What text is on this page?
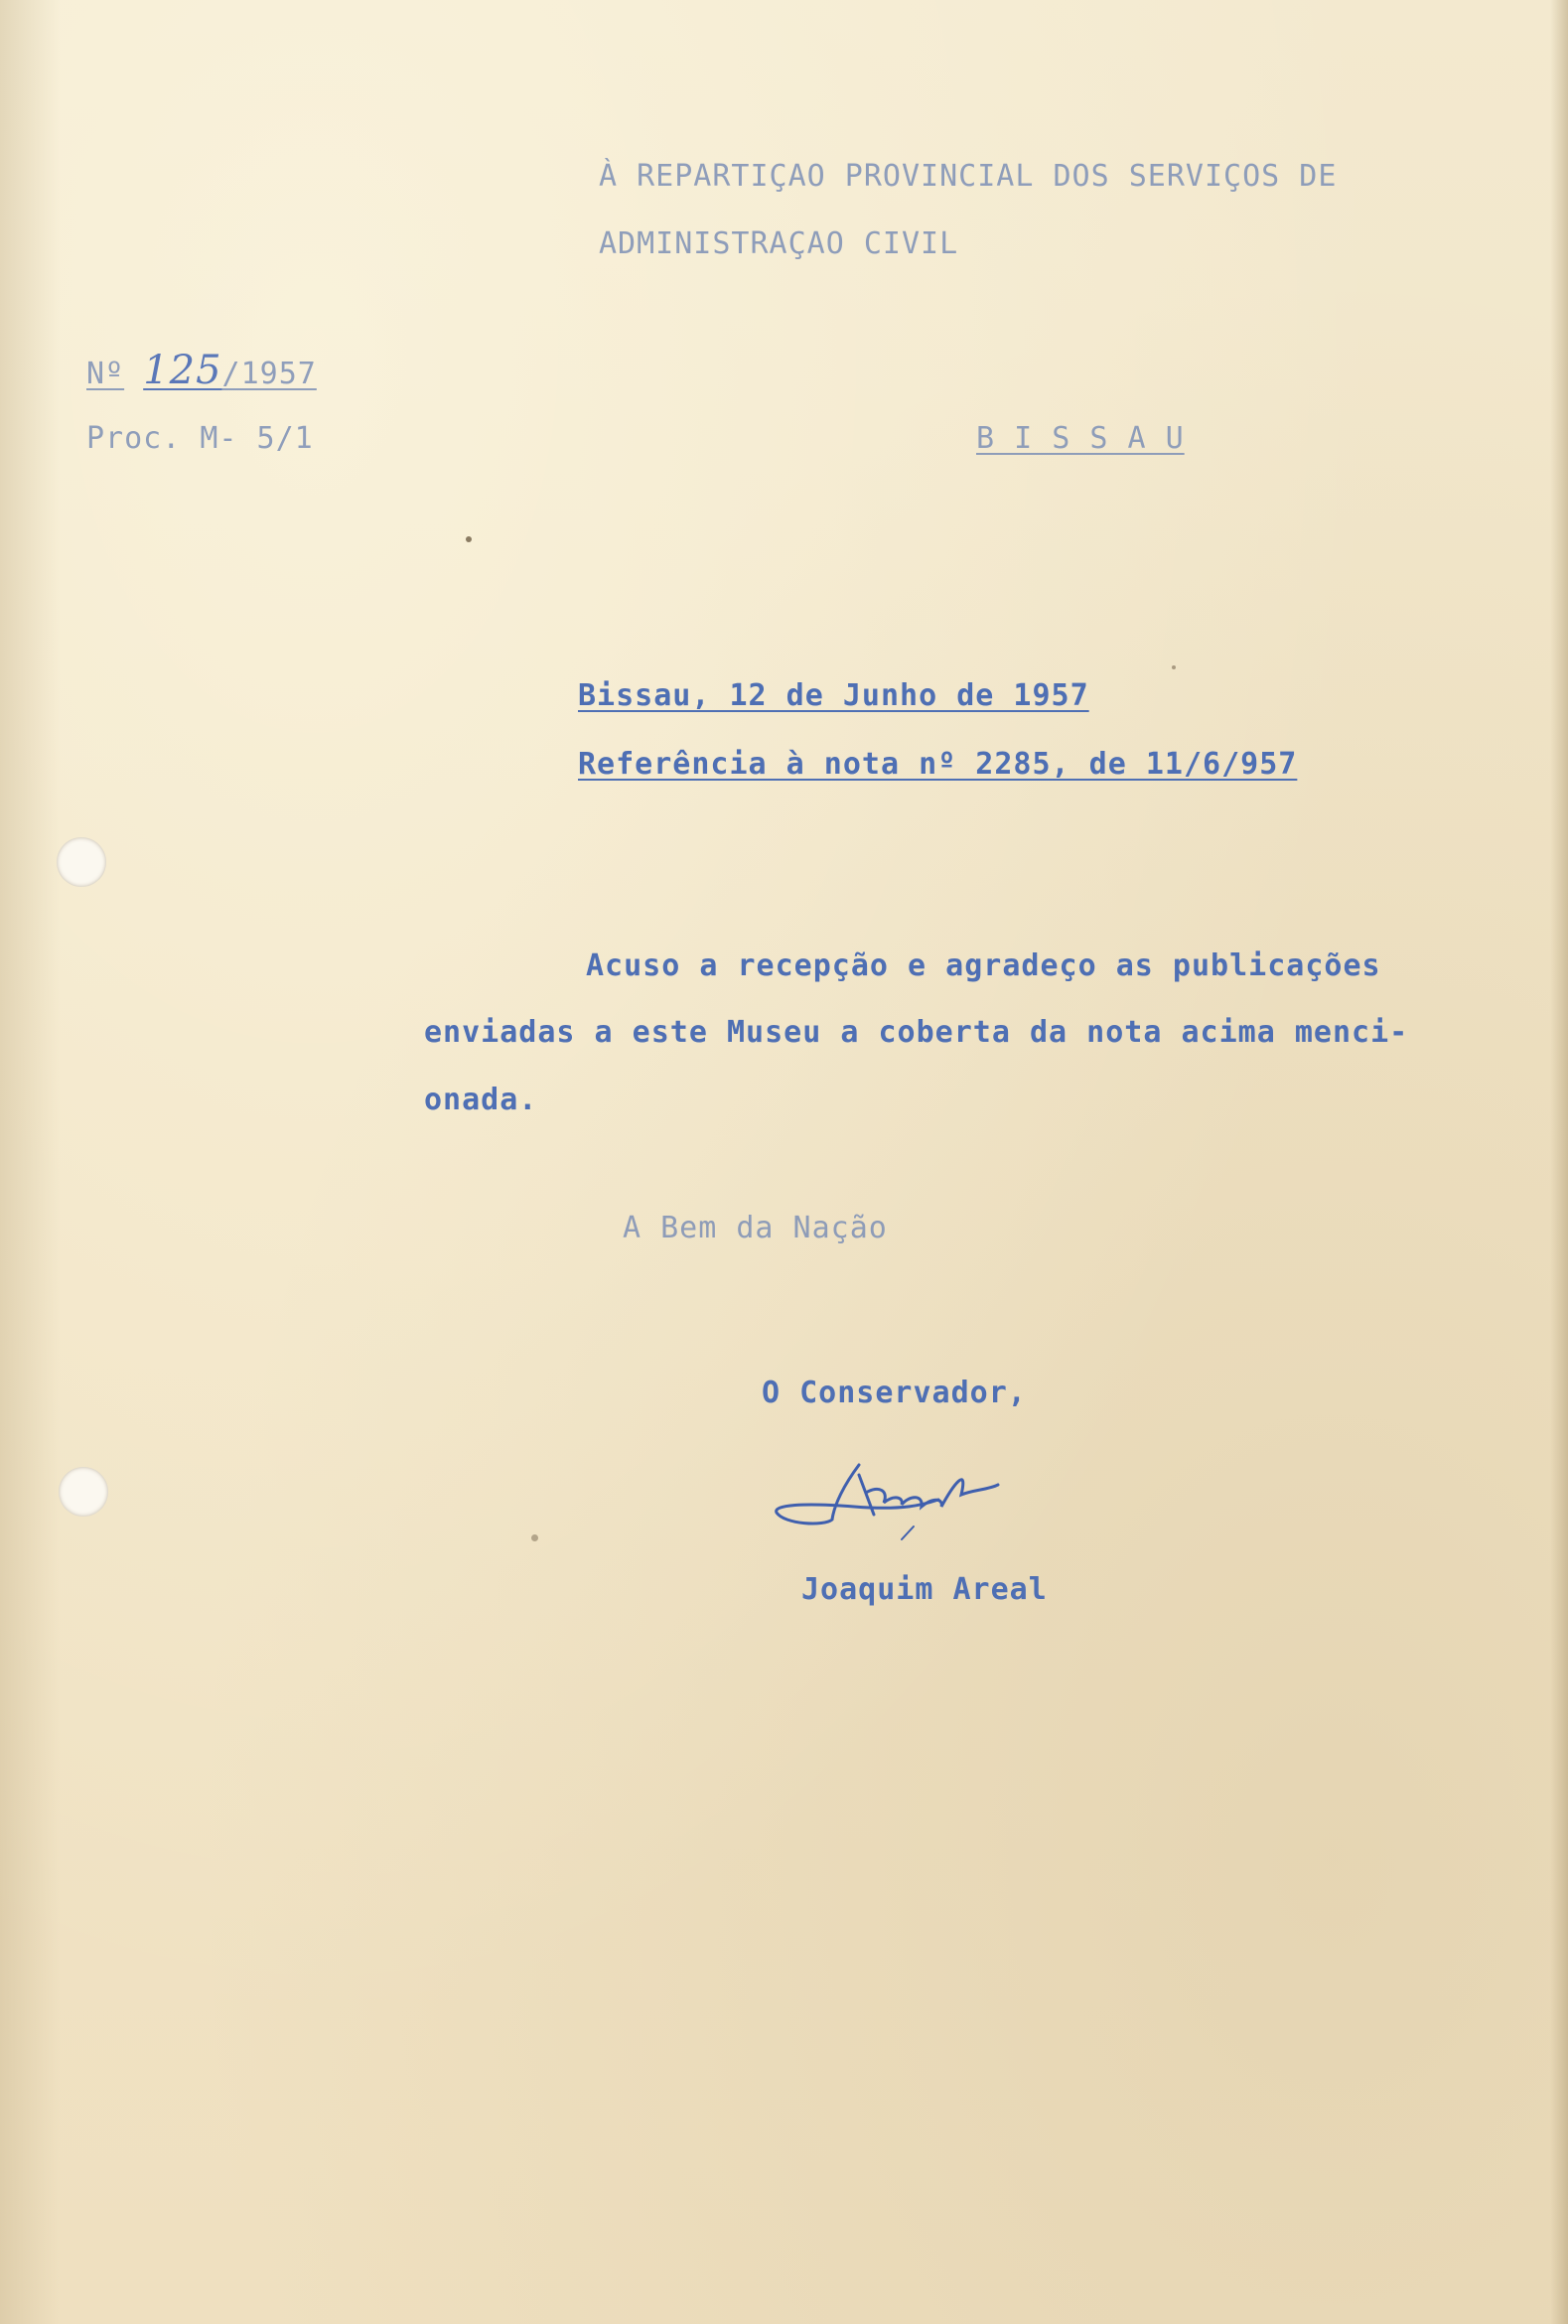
À REPARTIÇAO PROVINCIAL DOS SERVIÇOS DE
ADMINISTRAÇAO CIVIL
Nº 125/1957
Proc. M- 5/1	B I S S A U
Bissau, 12 de Junho de 1957
Referência à nota nº 2285, de 11/6/957
Acuso a recepção e agradeço as publicações
enviadas a este Museu a coberta da nota acima menci-
onada.
A Bem da Nação
O Conservador,
Joaquim Areal
